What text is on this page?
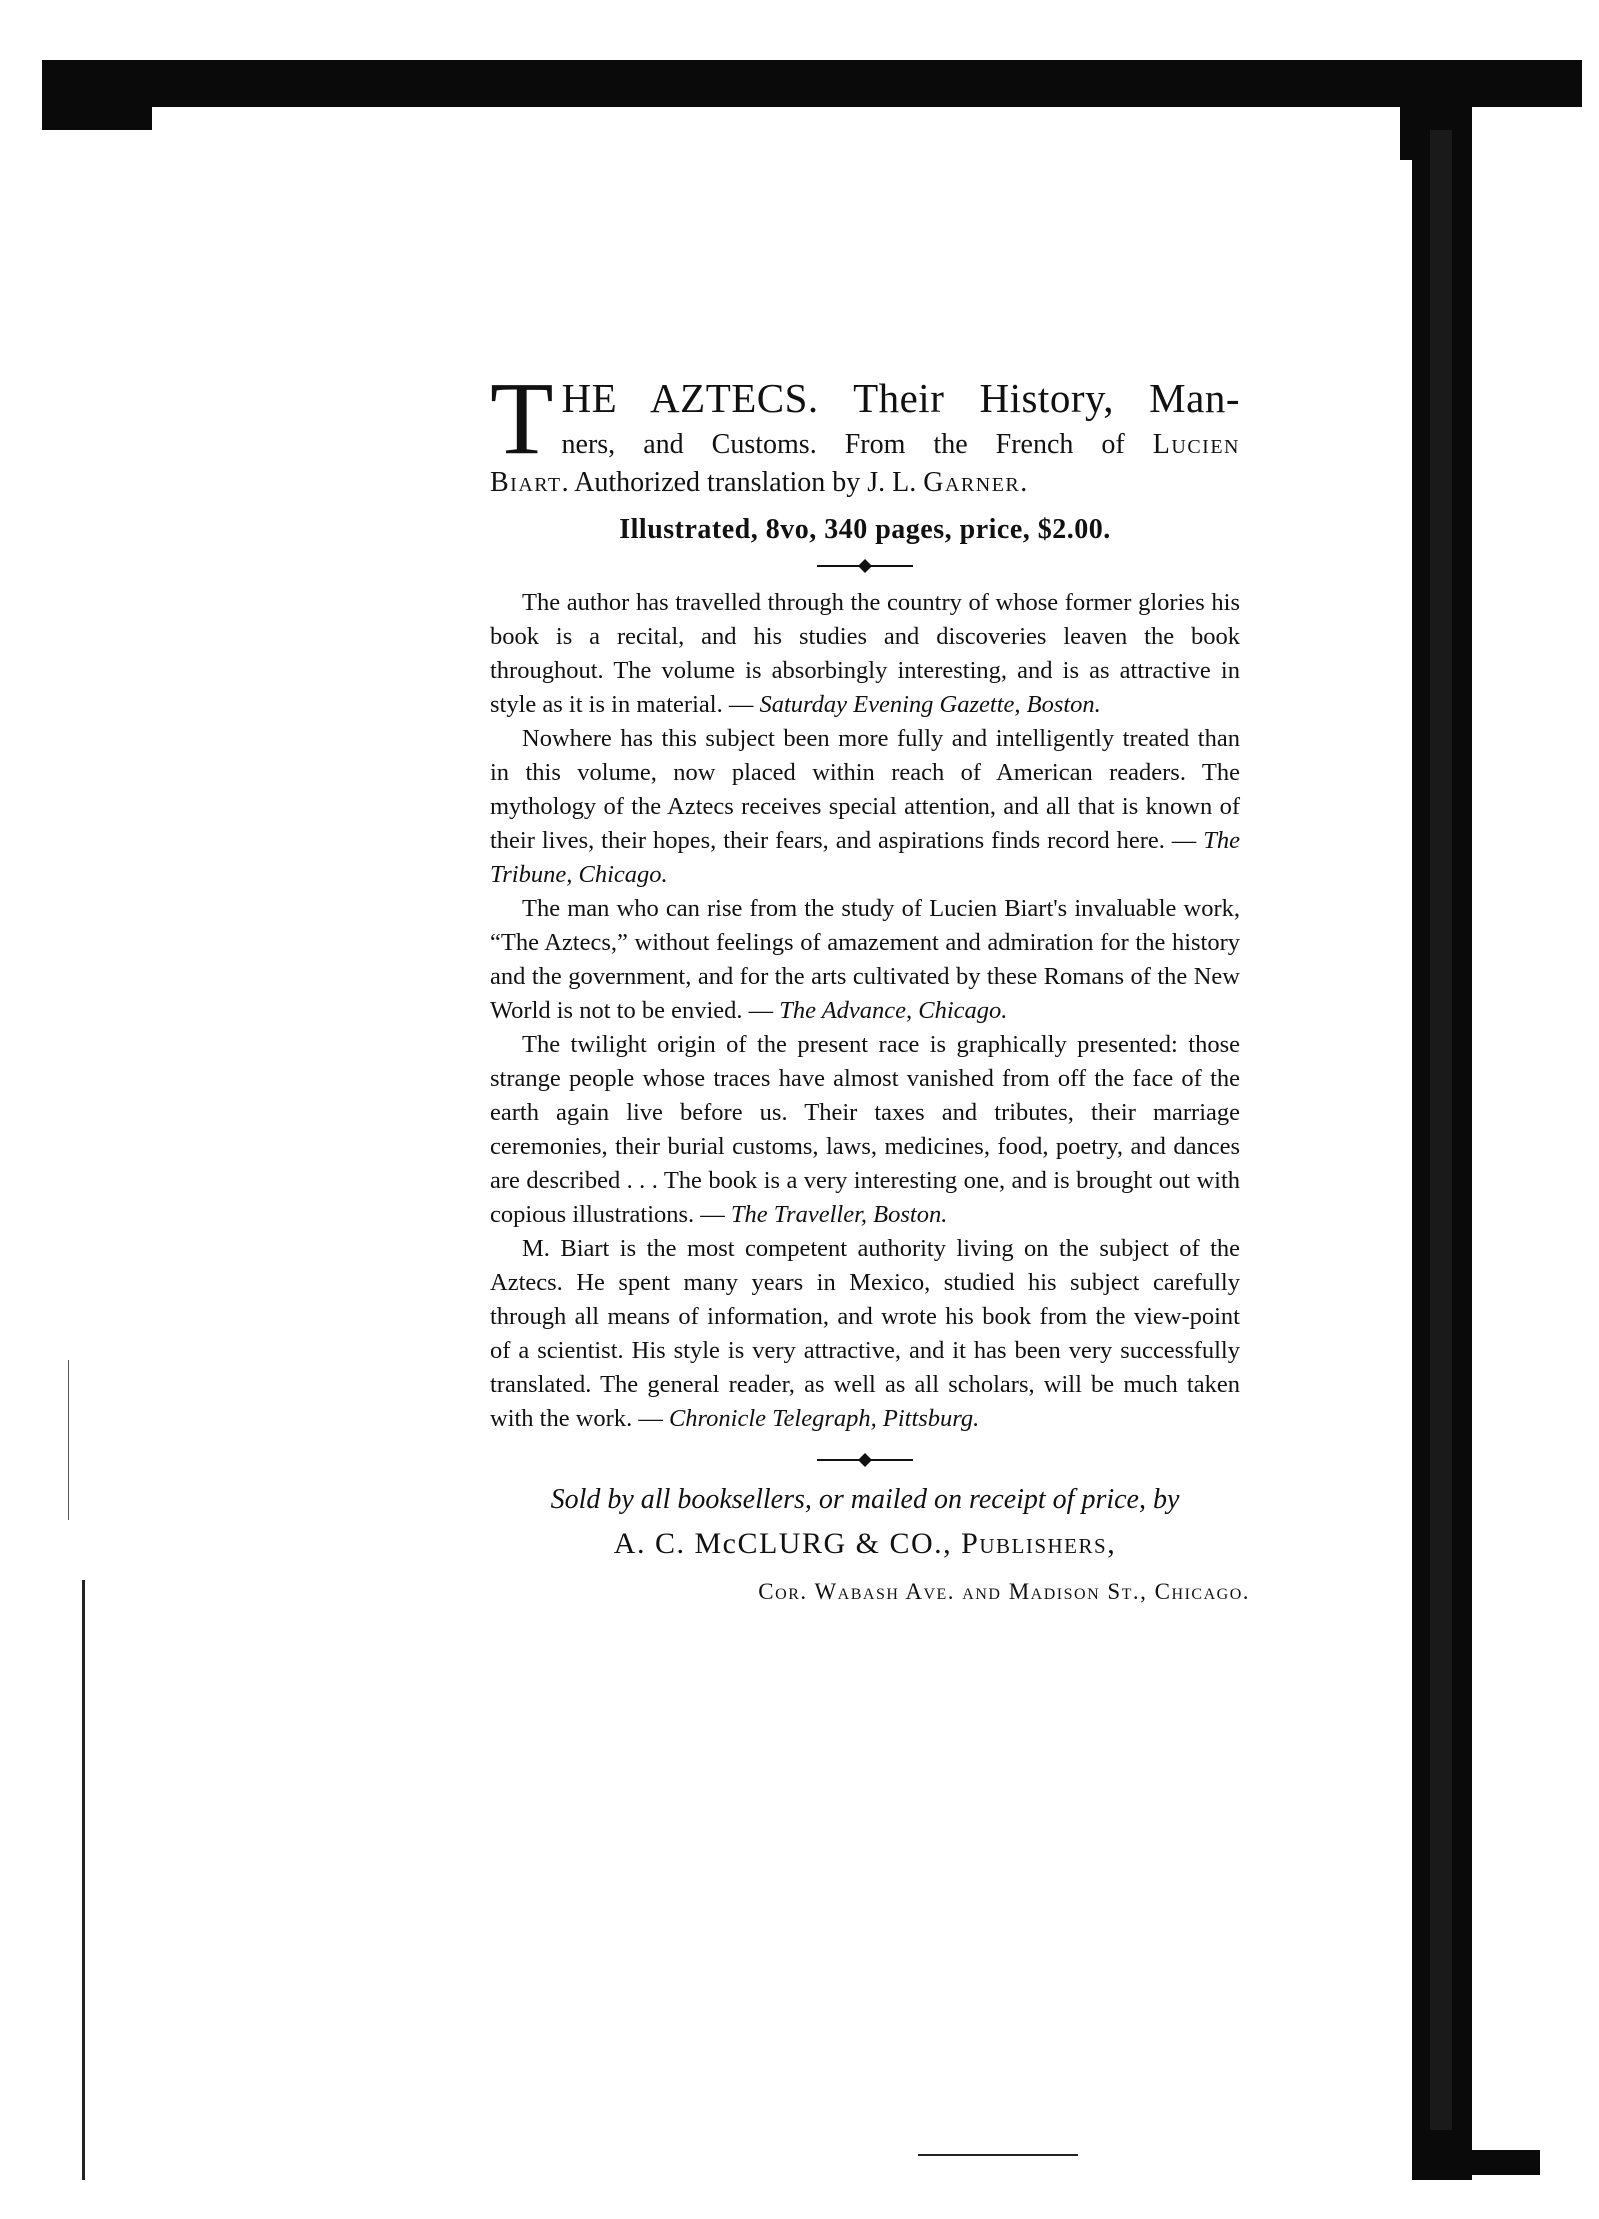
T HE AZTECS. Their History, Man-

ners, and Customs. From the French of Lucien

Biart. Authorized translation by J. L. Garner.

Illustrated, 8vo, 340 pages, price, $2.00.

The author has travelled through the country of whose former glories his book is a recital, and his studies and discoveries leaven the book throughout. The volume is absorbingly interesting, and is as attractive in style as it is in material. — Saturday Evening Gazette, Boston.

Nowhere has this subject been more fully and intelligently treated than in this volume, now placed within reach of American readers. The mythology of the Aztecs receives special attention, and all that is known of their lives, their hopes, their fears, and aspirations finds record here. — The Tribune, Chicago.

The man who can rise from the study of Lucien Biart's invaluable work, “The Aztecs,” without feelings of amazement and admiration for the history and the government, and for the arts cultivated by these Romans of the New World is not to be envied. — The Advance, Chicago.

The twilight origin of the present race is graphically presented: those strange people whose traces have almost vanished from off the face of the earth again live before us. Their taxes and tributes, their marriage ceremonies, their burial customs, laws, medicines, food, poetry, and dances are described . . . The book is a very interesting one, and is brought out with copious illustrations. — The Traveller, Boston.

M. Biart is the most competent authority living on the subject of the Aztecs. He spent many years in Mexico, studied his subject carefully through all means of information, and wrote his book from the view-point of a scientist. His style is very attractive, and it has been very successfully translated. The general reader, as well as all scholars, will be much taken with the work. — Chronicle Telegraph, Pittsburg.

Sold by all booksellers, or mailed on receipt of price, by

A. C. McCLURG & CO., Publishers,

Cor. Wabash Ave. and Madison St., Chicago.
